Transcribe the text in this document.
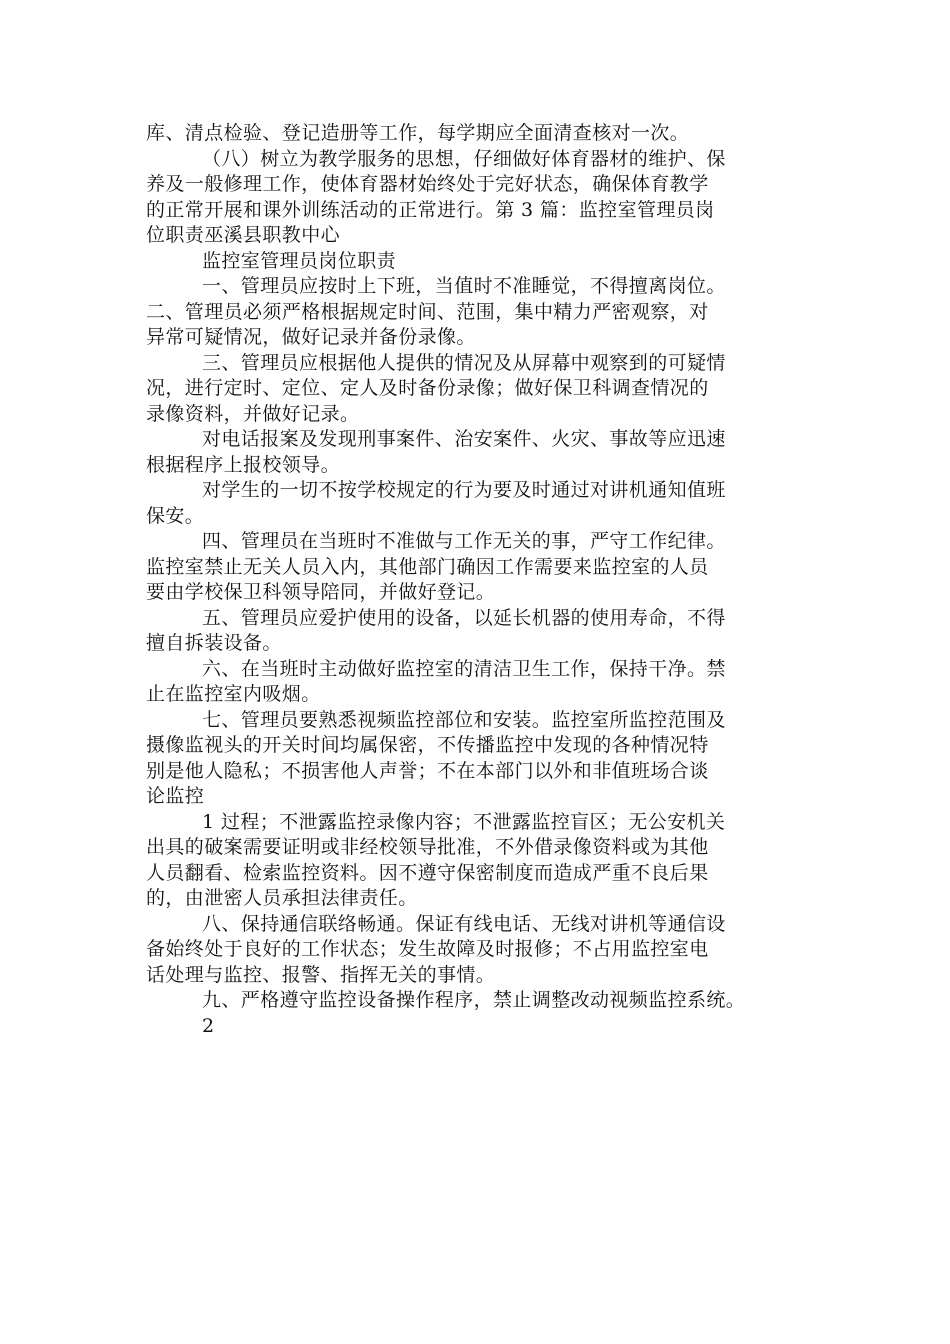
库、清点检验、登记造册等工作，每学期应全面清查核对一次。
（八）树立为教学服务的思想，仔细做好体育器材的维护、保
养及一般修理工作，使体育器材始终处于完好状态，确保体育教学
的正常开展和课外训练活动的正常进行。第 3 篇：监控室管理员岗
位职责巫溪县职教中心
监控室管理员岗位职责
一、管理员应按时上下班，当值时不准睡觉，不得擅离岗位。
二、管理员必须严格根据规定时间、范围，集中精力严密观察，对
异常可疑情况，做好记录并备份录像。
三、管理员应根据他人提供的情况及从屏幕中观察到的可疑情
况，进行定时、定位、定人及时备份录像；做好保卫科调查情况的
录像资料，并做好记录。
对电话报案及发现刑事案件、治安案件、火灾、事故等应迅速
根据程序上报校领导。
对学生的一切不按学校规定的行为要及时通过对讲机通知值班
保安。
四、管理员在当班时不准做与工作无关的事，严守工作纪律。
监控室禁止无关人员入内，其他部门确因工作需要来监控室的人员
要由学校保卫科领导陪同，并做好登记。
五、管理员应爱护使用的设备，以延长机器的使用寿命，不得
擅自拆装设备。
六、在当班时主动做好监控室的清洁卫生工作，保持干净。禁
止在监控室内吸烟。
七、管理员要熟悉视频监控部位和安装。监控室所监控范围及
摄像监视头的开关时间均属保密，不传播监控中发现的各种情况特
别是他人隐私；不损害他人声誉；不在本部门以外和非值班场合谈
论监控
1 过程；不泄露监控录像内容；不泄露监控盲区；无公安机关
出具的破案需要证明或非经校领导批准，不外借录像资料或为其他
人员翻看、检索监控资料。因不遵守保密制度而造成严重不良后果
的，由泄密人员承担法律责任。
八、保持通信联络畅通。保证有线电话、无线对讲机等通信设
备始终处于良好的工作状态；发生故障及时报修；不占用监控室电
话处理与监控、报警、指挥无关的事情。
九、严格遵守监控设备操作程序，禁止调整改动视频监控系统。
2
